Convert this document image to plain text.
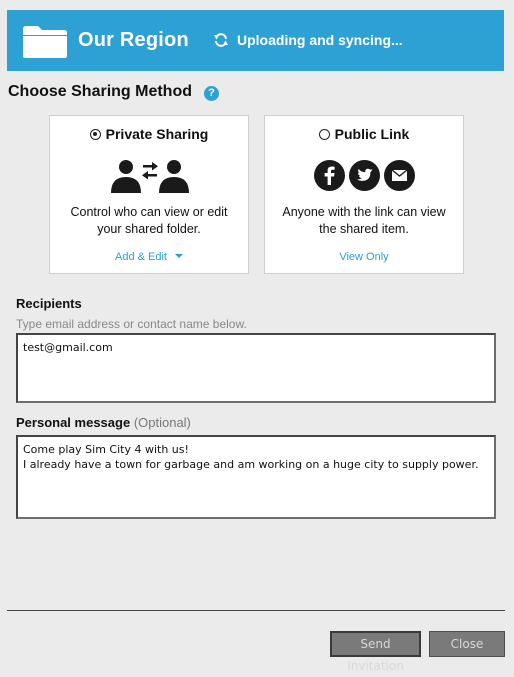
Our Region	Uploading and syncing...
Choose Sharing Method	?
Private Sharing
Control who can view or edit your shared folder.
Add & Edit
Public Link
Anyone with the link can view the shared item.
View Only
Recipients
Type email address or contact name below.
test@gmail.com
Personal message (Optional)
Come play Sim City 4 with us!
I already have a town for garbage and am working on a huge city to supply power.
Send Invitation
Close
